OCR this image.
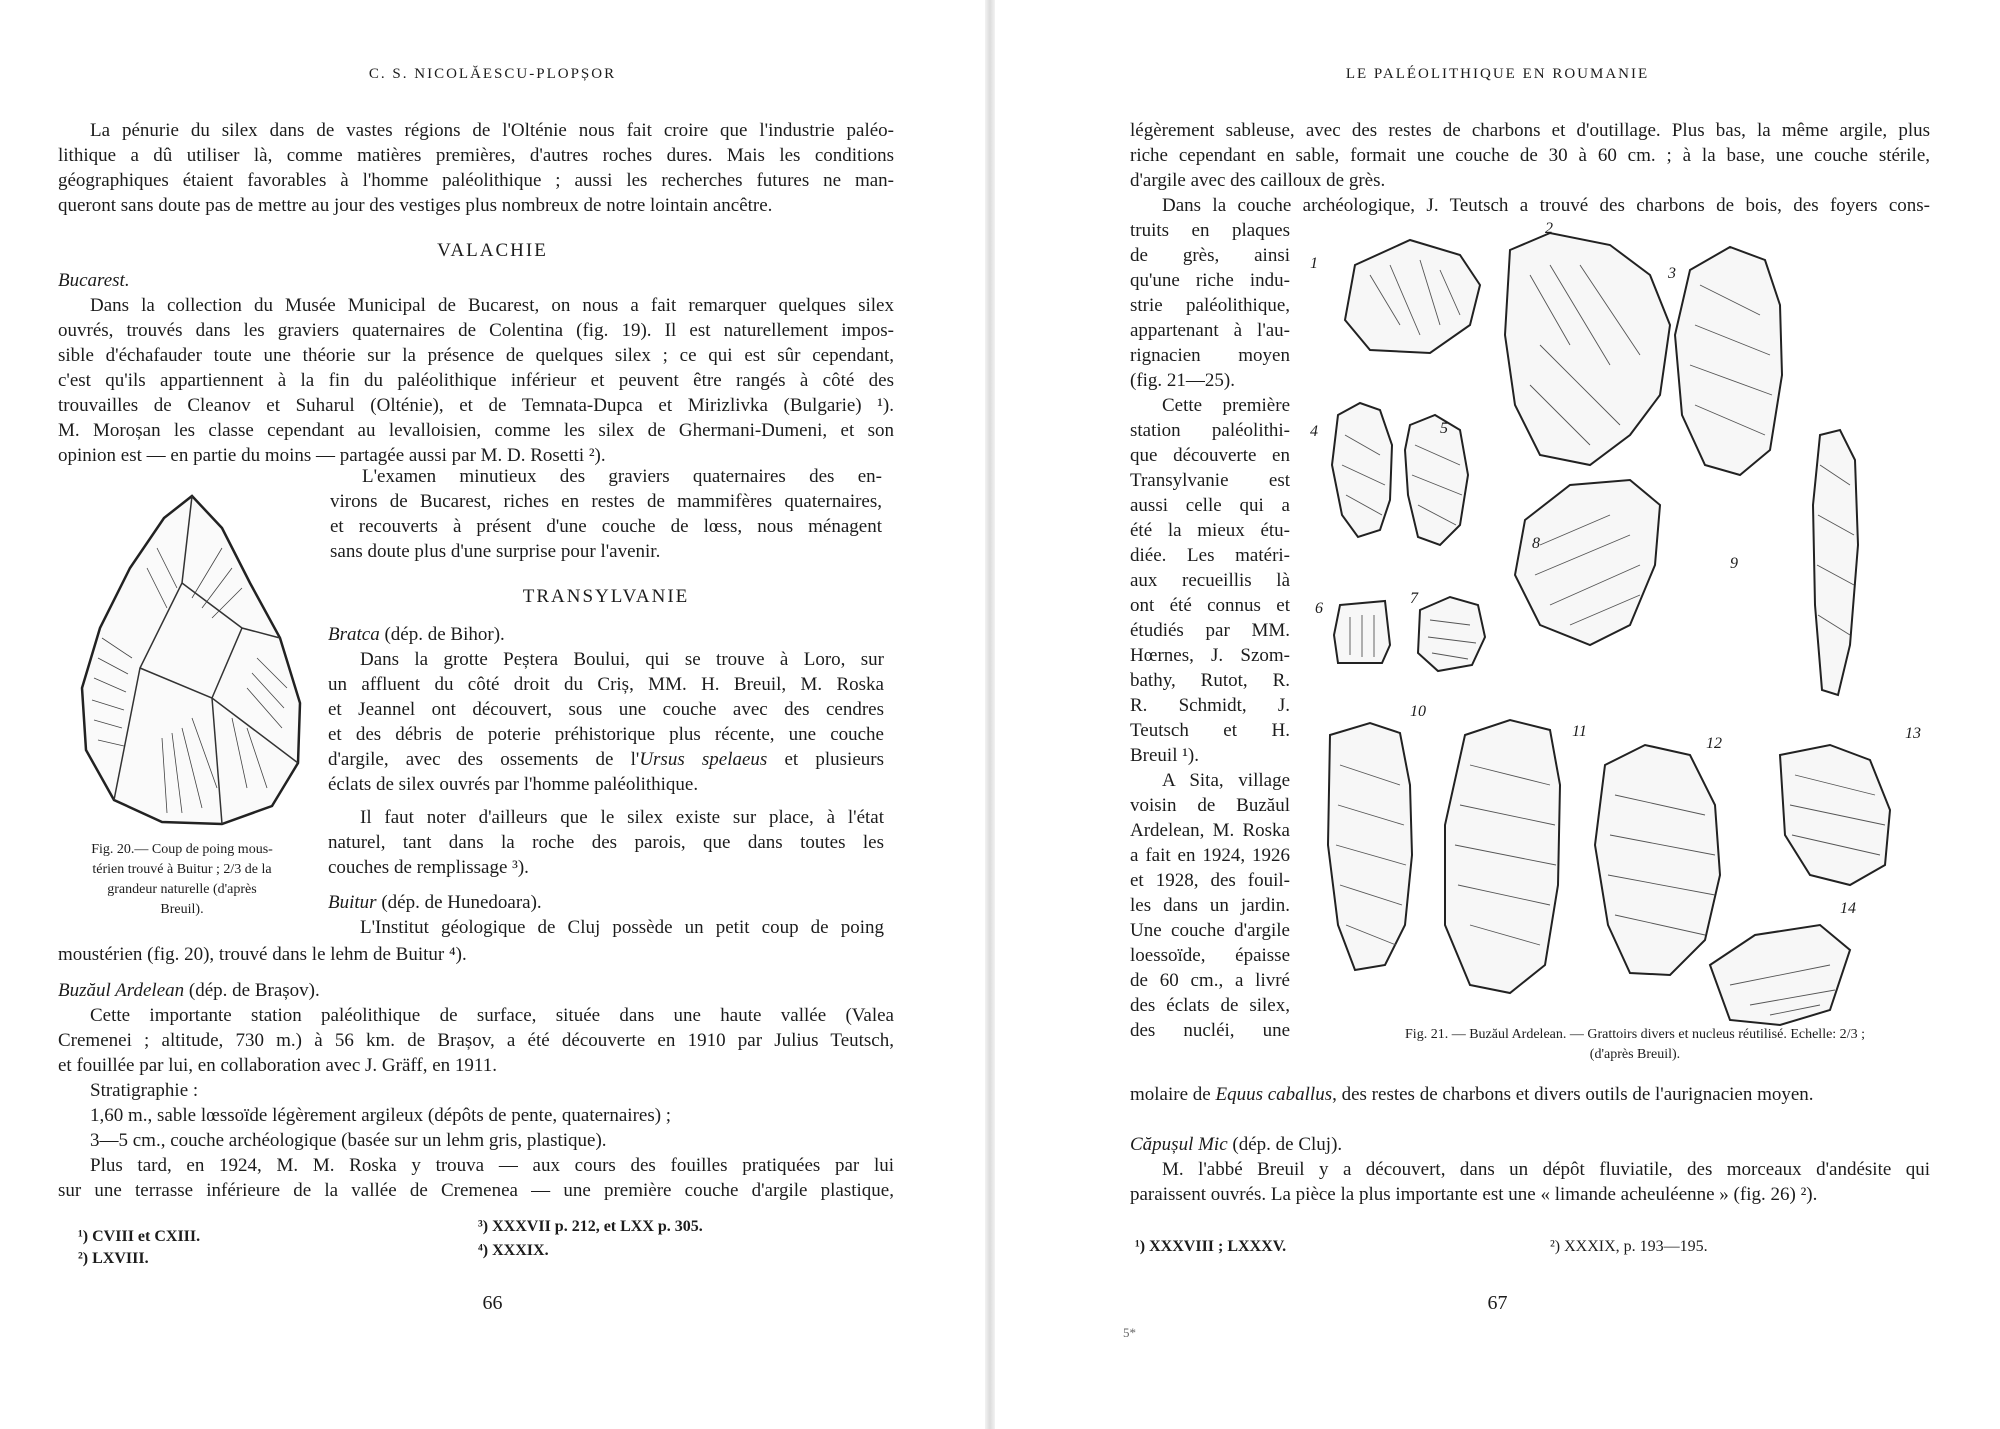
C. S. NICOLĂESCU-PLOPȘOR
La pénurie du silex dans de vastes régions de l'Olténie nous fait croire que l'industrie paléo-
lithique a dû utiliser là, comme matières premières, d'autres roches dures. Mais les conditions
géographiques étaient favorables à l'homme paléolithique ; aussi les recherches futures ne man-
queront sans doute pas de mettre au jour des vestiges plus nombreux de notre lointain ancêtre.
VALACHIE
Bucarest.
Dans la collection du Musée Municipal de Bucarest, on nous a fait remarquer quelques silex
ouvrés, trouvés dans les graviers quaternaires de Colentina (fig. 19). Il est naturellement impos-
sible d'échafauder toute une théorie sur la présence de quelques silex ; ce qui est sûr cependant,
c'est qu'ils appartiennent à la fin du paléolithique inférieur et peuvent être rangés à côté des
trouvailles de Cleanov et Suharul (Olténie), et de Temnata-Dupca et Mirizlivka (Bulgarie) ¹).
M. Moroșan les classe cependant au levalloisien, comme les silex de Ghermani-Dumeni, et son
opinion est — en partie du moins — partagée aussi par M. D. Rosetti ²).
L'examen minutieux des graviers quaternaires des en-
virons de Bucarest, riches en restes de mammifères quaternaires,
et recouverts à présent d'une couche de lœss, nous ménagent
sans doute plus d'une surprise pour l'avenir.
TRANSYLVANIE
Bratca (dép. de Bihor).
Dans la grotte Peștera Boului, qui se trouve à Loro, sur
un affluent du côté droit du Criș, MM. H. Breuil, M. Roska
et Jeannel ont découvert, sous une couche avec des cendres
et des débris de poterie préhistorique plus récente, une couche
d'argile, avec des ossements de l'Ursus spelaeus et plusieurs
éclats de silex ouvrés par l'homme paléolithique.
Il faut noter d'ailleurs que le silex existe sur place, à l'état
naturel, tant dans la roche des parois, que dans toutes les
couches de remplissage ³).
Buitur (dép. de Hunedoara).
L'Institut géologique de Cluj possède un petit coup de poing
Fig. 20.— Coup de poing mous-
térien trouvé à Buitur ; 2/3 de la
grandeur naturelle (d'après
Breuil).
moustérien (fig. 20), trouvé dans le lehm de Buitur ⁴).
Buzăul Ardelean (dép. de Brașov).
Cette importante station paléolithique de surface, située dans une haute vallée (Valea
Cremenei ; altitude, 730 m.) à 56 km. de Brașov, a été découverte en 1910 par Julius Teutsch,
et fouillée par lui, en collaboration avec J. Gräff, en 1911.
Stratigraphie :
1,60 m., sable lœssoïde légèrement argileux (dépôts de pente, quaternaires) ;
3—5 cm., couche archéologique (basée sur un lehm gris, plastique).
Plus tard, en 1924, M. M. Roska y trouva — aux cours des fouilles pratiquées par lui
sur une terrasse inférieure de la vallée de Cremenea — une première couche d'argile plastique,
¹) CVIII et CXIII.
²) LXVIII.
³) XXXVII p. 212, et LXX p. 305.
⁴) XXXIX.
66
LE PALÉOLITHIQUE EN ROUMANIE
légèrement sableuse, avec des restes de charbons et d'outillage. Plus bas, la même argile, plus
riche cependant en sable, formait une couche de 30 à 60 cm. ; à la base, une couche stérile,
d'argile avec des cailloux de grès.
Dans la couche archéologique, J. Teutsch a trouvé des charbons de bois, des foyers cons-
truits en plaques
de grès, ainsi
qu'une riche indu-
strie paléolithique,
appartenant à l'au-
rignacien moyen
(fig. 21—25).
Cette première
station paléolithi-
que découverte en
Transylvanie est
aussi celle qui a
été la mieux étu-
diée. Les matéri-
aux recueillis là
ont été connus et
étudiés par MM.
Hœrnes, J. Szom-
bathy, Rutot, R.
R. Schmidt, J.
Teutsch et H.
Breuil ¹).
A Sita, village
voisin de Buzăul
Ardelean, M. Roska
a fait en 1924, 1926
et 1928, des fouil-
les dans un jardin.
Une couche d'argile
loessoïde, épaisse
de 60 cm., a livré
des éclats de silex,
des nucléi, une
1
2
3
4	5
6
7
8
9
10
11
12
13
14
Fig. 21. — Buzăul Ardelean. — Grattoirs divers et nucleus réutilisé. Echelle: 2/3 ;
(d'après Breuil).
molaire de Equus caballus, des restes de charbons et divers outils de l'aurignacien moyen.
Căpușul Mic (dép. de Cluj).
M. l'abbé Breuil y a découvert, dans un dépôt fluviatile, des morceaux d'andésite qui
paraissent ouvrés. La pièce la plus importante est une « limande acheuléenne » (fig. 26) ²).
¹) XXXVIII ; LXXXV.	²) XXXIX, p. 193—195.
67
5*
